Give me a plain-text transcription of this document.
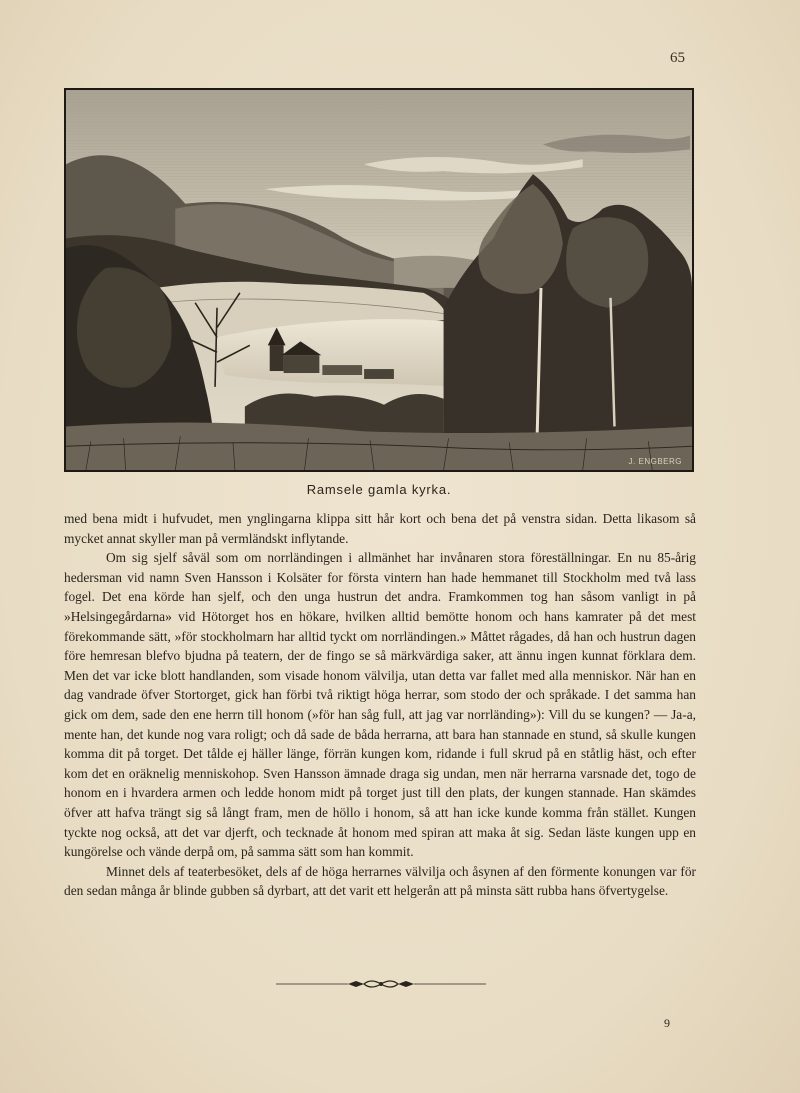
65
J. ENGBERG
Ramsele gamla kyrka.

med bena midt i hufvudet, men ynglingarna klippa sitt hår kort och bena det på venstra sidan. Detta likasom så mycket annat skyller man på vermländskt inflytande.

Om sig sjelf såväl som om norrländingen i allmänhet har invånaren stora föreställningar. En nu 85-årig hedersman vid namn Sven Hansson i Kolsäter for första vintern han hade hemmanet till Stockholm med två lass fogel. Det ena körde han sjelf, och den unga hustrun det andra. Framkommen tog han såsom vanligt in på »Helsingegårdarna» vid Hötorget hos en hökare, hvilken alltid bemötte honom och hans kamrater på det mest förekommande sätt, »för stockholmarn har alltid tyckt om norrländingen.» Måttet rågades, då han och hustrun dagen före hemresan blefvo bjudna på teatern, der de fingo se så märkvärdiga saker, att ännu ingen kunnat förklara dem. Men det var icke blott handlanden, som visade honom välvilja, utan detta var fallet med alla menniskor. När han en dag vandrade öfver Stortorget, gick han förbi två riktigt höga herrar, som stodo der och språkade. I det samma han gick om dem, sade den ene herrn till honom (»för han såg full, att jag var norrländing»): Vill du se kungen? — Ja-a, mente han, det kunde nog vara roligt; och då sade de båda herrarna, att bara han stannade en stund, så skulle kungen komma dit på torget. Det tålde ej häller länge, förrän kungen kom, ridande i full skrud på en ståtlig häst, och efter kom det en oräknelig menniskohop. Sven Hansson ämnade draga sig undan, men när herrarna varsnade det, togo de honom en i hvardera armen och ledde honom midt på torget just till den plats, der kungen stannade. Han skämdes öfver att hafva trängt sig så långt fram, men de höllo i honom, så att han icke kunde komma från stället. Kungen tyckte nog också, att det var djerft, och tecknade åt honom med spiran att maka åt sig. Sedan läste kungen upp en kungörelse och vände derpå om, på samma sätt som han kommit.

Minnet dels af teaterbesöket, dels af de höga herrarnes välvilja och åsynen af den förmente konungen var för den sedan många år blinde gubben så dyrbart, att det varit ett helgerån att på minsta sätt rubba hans öfvertygelse.

9
